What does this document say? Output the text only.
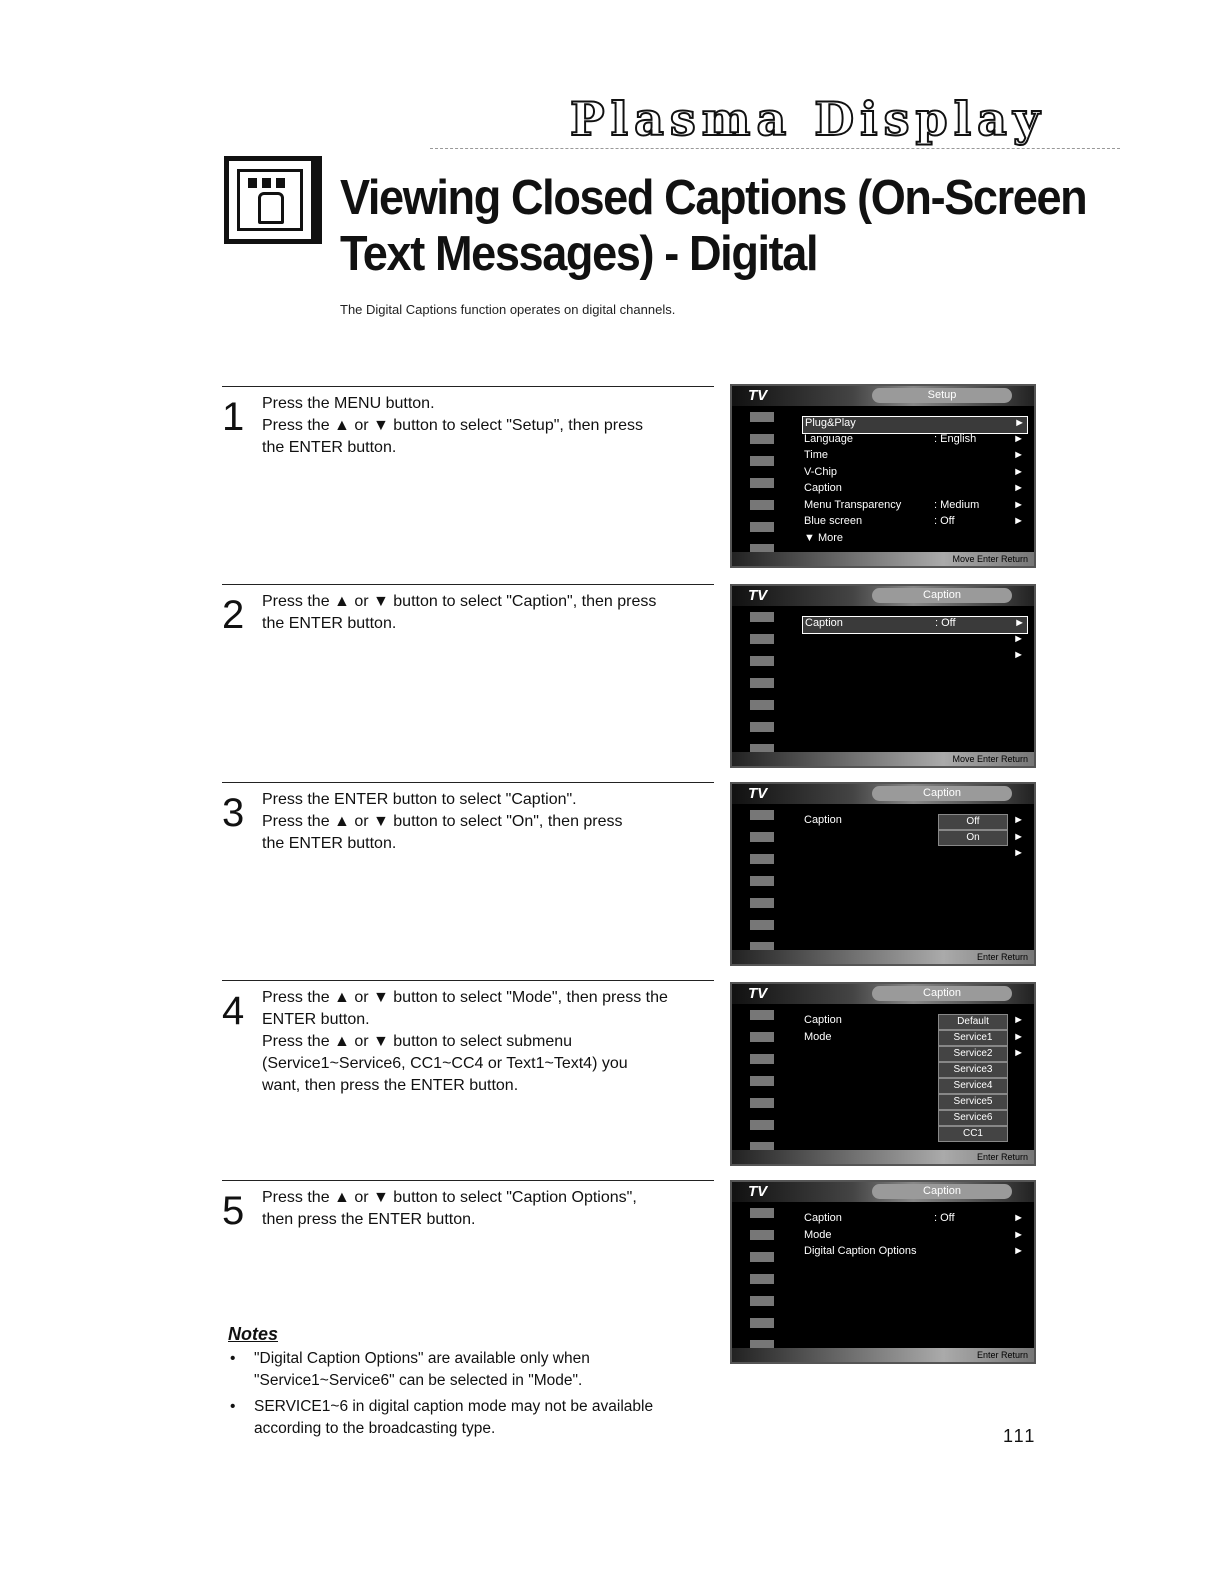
Plasma Display
Viewing Closed Captions (On-Screen
Text Messages) - Digital
The Digital Captions function operates on digital channels.
1 Press the MENU button.
Press the ▲ or ▼ button to select "Setup", then press
the ENTER button.
2 Press the ▲ or ▼ button to select "Caption", then press
the ENTER button.
3 Press the ENTER button to select "Caption".
Press the ▲ or ▼ button to select "On", then press
the ENTER button.
4 Press the ▲ or ▼ button to select "Mode", then press the
ENTER button.
Press the ▲ or ▼ button to select submenu
(Service1~Service6, CC1~CC4 or Text1~Text4) you
want, then press the ENTER button.
5 Press the ▲ or ▼ button to select "Caption Options",
then press the ENTER button.
TV	Setup
Plug&Play	►
Language	: English	►
Time	►
V-Chip	►
Caption	►
Menu Transparency	: Medium	►
Blue screen	: Off	►
▼ More
Move Enter Return
TV	Caption
Caption	: Off	►
►
►
Move Enter Return
TV	Caption
Caption	►
►
►
Off
On
Enter Return
TV	Caption
Caption	►
Mode	►
►
Default
Service1
Service2
Service3
Service4
Service5
Service6
CC1
Enter Return
TV	Caption
Caption	: Off	►
Mode	►
Digital Caption Options	►
Enter Return
Notes
• "Digital Caption Options" are available only when "Service1~Service6" can be selected in "Mode".
• SERVICE1~6 in digital caption mode may not be available according to the broadcasting type.	111
